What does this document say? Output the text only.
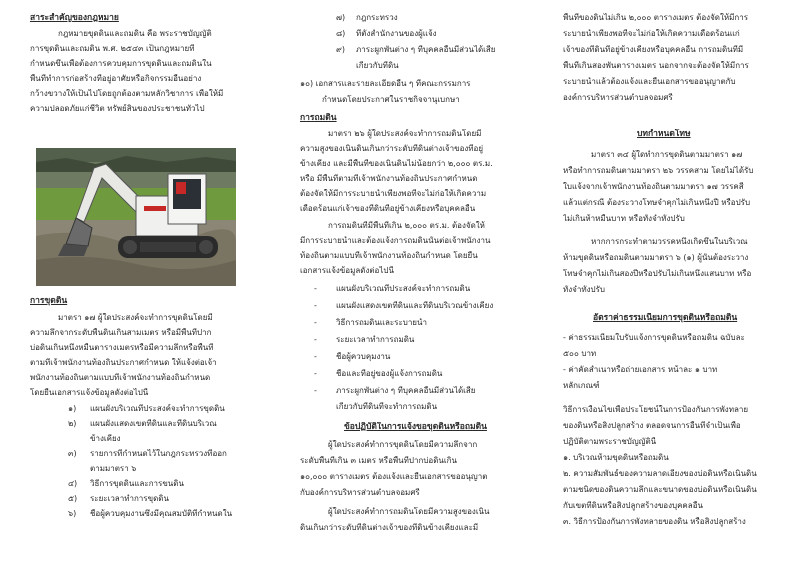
สาระสำคัญของกฎหมาย
กฎหมายขุดดินและถมดิน คือ พระราชบัญญัติ
การขุดดินและถมดิน พ.ศ. ๒๕๔๓ เป็นกฎหมายที่
กำหนดขึ้นเพื่อต้องการควบคุมการขุดดินและถมดินใน
พื้นที่ทำการก่อสร้างที่อยู่อาศัยหรือกิจกรรมอื่นอย่าง
กว้างขวางให้เป็นไปโดยถูกต้องตามหลักวิชาการ เพื่อให้มี
ความปลอดภัยแก่ชีวิต ทรัพย์สินของประชาชนทั่วไป
การขุดดิน
มาตรา ๑๗ ผู้ใดประสงค์จะทำการขุดดินโดยมี
ความลึกจากระดับพื้นดินเกินสามเมตร หรือมีพื้นที่ปาก
บ่อดินเกินหนึ่งหมื่นตารางเมตรหรือมีความลึกหรือพื้นที่
ตามที่เจ้าพนักงานท้องถิ่นประกาศกำหนด ให้แจ้งต่อเจ้า
พนักงานท้องถิ่นตามแบบที่เจ้าพนักงานท้องถิ่นกำหนด
โดยยื่นเอกสารแจ้งข้อมูลดังต่อไปนี้
๑)	แผนผังบริเวณที่ประสงค์จะทำการขุดดิน
๒)	แผนผังแสดงเขตที่ดินและที่ดินบริเวณ
ข้างเคียง
๓)	รายการที่กำหนดไว้ในกฎกระทรวงที่ออก
ตามมาตรา ๖
๔)	วิธีการขุดดินและการขนดิน
๕)	ระยะเวลาทำการขุดดิน
๖)	ชื่อผู้ควบคุมงานซึ่งมีคุณสมบัติที่กำหนดใน
๗)	กฎกระทรวง
๘)	ที่ตั้งสำนักงานของผู้แจ้ง
๙)	ภาระผูกพันต่าง ๆ ที่บุคคลอื่นมีส่วนได้เสีย
เกี่ยวกับที่ดิน
๑๐) เอกสารและรายละเอียดอื่น ๆ ที่คณะกรรมการ
กำหนดโดยประกาศในราชกิจจานุเบกษา
การถมดิน
มาตรา ๒๖ ผู้ใดประสงค์จะทำการถมดินโดยมี
ความสูงของเนินดินเกินกว่าระดับที่ดินต่างเจ้าของที่อยู่
ข้างเคียง และมีพื้นที่ของเนินดินไม่น้อยกว่า ๒,๐๐๐ ตร.ม.
หรือ มีพื้นที่ตามที่เจ้าพนักงานท้องถิ่นประกาศกำหนด
ต้องจัดให้มีการระบายน้ำเพียงพอที่จะไม่ก่อให้เกิดความ
เดือดร้อนแก่เจ้าของที่ดินที่อยู่ข้างเคียงหรือบุคคลอื่น
การถมดินที่มีพื้นที่เกิน ๒,๐๐๐ ตร.ม. ต้องจัดให้
มีการระบายน้ำและต้องแจ้งการถมดินนั้นต่อเจ้าพนักงาน
ท้องถิ่นตามแบบที่เจ้าพนักงานท้องถิ่นกำหนด โดยยื่น
เอกสารแจ้งข้อมูลดังต่อไปนี้
-	แผนผังบริเวณที่ประสงค์จะทำการถมดิน
-	แผนผังแสดงเขตที่ดินและที่ดินบริเวณข้างเคียง
-	วิธีการถมดินและระบายน้ำ
-	ระยะเวลาทำการถมดิน
-	ชื่อผู้ควบคุมงาน
-	ชื่อและที่อยู่ของผู้แจ้งการถมดิน
-	ภาระผูกพันต่าง ๆ ที่บุคคลอื่นมีส่วนได้เสีย
เกี่ยวกับที่ดินที่จะทำการถมดิน
ข้อปฏิบัติในการแจ้งขอขุดดินหรือถมดิน
ผู้ใดประสงค์ทำการขุดดินโดยมีความลึกจาก
ระดับพื้นที่เกิน ๓ เมตร หรือพื้นที่ปากบ่อดินเกิน
๑๐,๐๐๐ ตารางเมตร ต้องแจ้งและยื่นเอกสารขออนุญาต
กับองค์การบริหารส่วนตำบลจอมศรี
ผู้ใดประสงค์ทำการถมดินโดยมีความสูงของเนิน
ดินเกินกว่าระดับที่ดินต่างเจ้าของที่ดินข้างเคียงและมี
พื้นที่ของดินไม่เกิน ๒,๐๐๐ ตารางเมตร ต้องจัดให้มีการ
ระบายน้ำเพียงพอที่จะไม่ก่อให้เกิดความเดือดร้อนแก่
เจ้าของที่ดินที่อยู่ข้างเคียงหรือบุคคลอื่น การถมดินที่มี
พื้นที่เกินสองพันตารางเมตร นอกจากจะต้องจัดให้มีการ
ระบายน้ำแล้วต้องแจ้งและยื่นเอกสารขออนุญาตกับ
องค์การบริหารส่วนตำบลจอมศรี
บทกำหนดโทษ
มาตรา ๓๔ ผู้ใดทำการขุดดินตามมาตรา ๑๗
หรือทำการถมดินตามมาตรา ๒๖ วรรคสาม โดยไม่ได้รับ
ใบแจ้งจากเจ้าพนักงานท้องถิ่นตามมาตรา ๑๗ วรรคสี่
แล้วแต่กรณี ต้องระวางโทษจำคุกไม่เกินหนึ่งปี หรือปรับ
ไม่เกินห้าหมื่นบาท หรือทั้งจำทั้งปรับ
หากการกระทำตามวรรคหนึ่งเกิดขึ้นในบริเวณ
ห้ามขุดดินหรือถมดินตามมาตรา ๖ (๑) ผู้นั้นต้องระวาง
โทษจำคุกไม่เกินสองปีหรือปรับไม่เกินหนึ่งแสนบาท หรือ
ทั้งจำทั้งปรับ
อัตราค่าธรรมเนียมการขุดดินหรือถมดิน
- ค่าธรรมเนียมใบรับแจ้งการขุดดินหรือถมดิน ฉบับละ
๕๐๐ บาท
- ค่าคัดสำเนาหรือถ่ายเอกสาร หน้าละ ๑ บาท
หลักเกณฑ์
วิธีการเงื่อนไขเพื่อประโยชน์ในการป้องกันการพังทลาย
ของดินหรือสิ่งปลูกสร้าง ตลอดจนการอื่นที่จำเป็นเพื่อ
ปฏิบัติตามพระราชบัญญัตินี้
๑. บริเวณห้ามขุดดินหรือถมดิน
๒. ความสัมพันธ์ของความลาดเอียงของบ่อดินหรือเนินดิน
ตามชนิดของดินความลึกและขนาดของบ่อดินหรือเนินดิน
กับเขตที่ดินหรือสิ่งปลูกสร้างของบุคคลอื่น
๓. วิธีการป้องกันการพังทลายของดิน หรือสิ่งปลูกสร้าง
